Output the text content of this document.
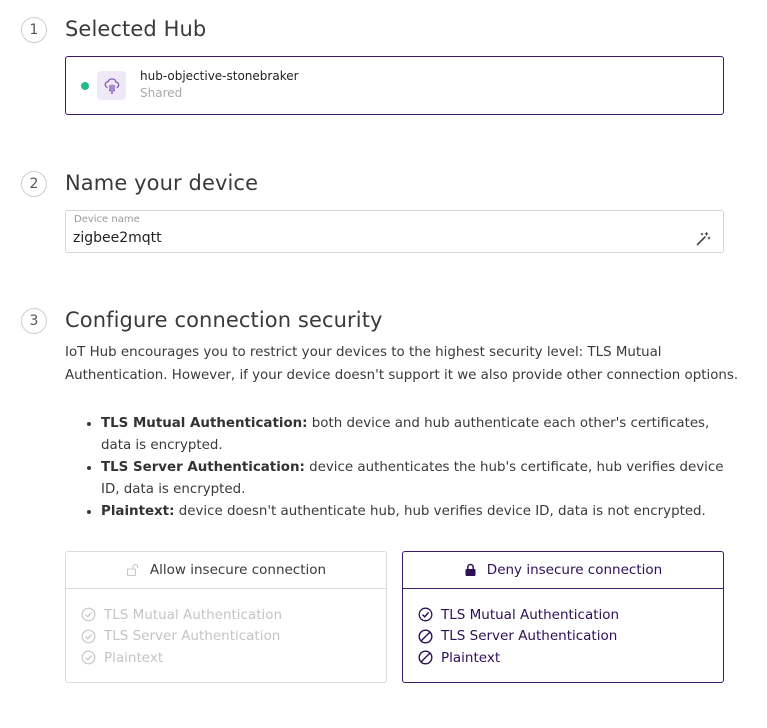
1	Selected Hub
hub-objective-stonebraker
Shared
2	Name your device
Device name
zigbee2mqtt
3	Configure connection security
IoT Hub encourages you to restrict your devices to the highest security level: TLS Mutual Authentication. However, if your device doesn't support it we also provide other connection options.
• TLS Mutual Authentication: both device and hub authenticate each other's certificates, data is encrypted.
• TLS Server Authentication: device authenticates the hub's certificate, hub verifies device ID, data is encrypted.
• Plaintext: device doesn't authenticate hub, hub verifies device ID, data is not encrypted.
Allow insecure connection
TLS Mutual Authentication
TLS Server Authentication
Plaintext
Deny insecure connection
TLS Mutual Authentication
TLS Server Authentication
Plaintext
